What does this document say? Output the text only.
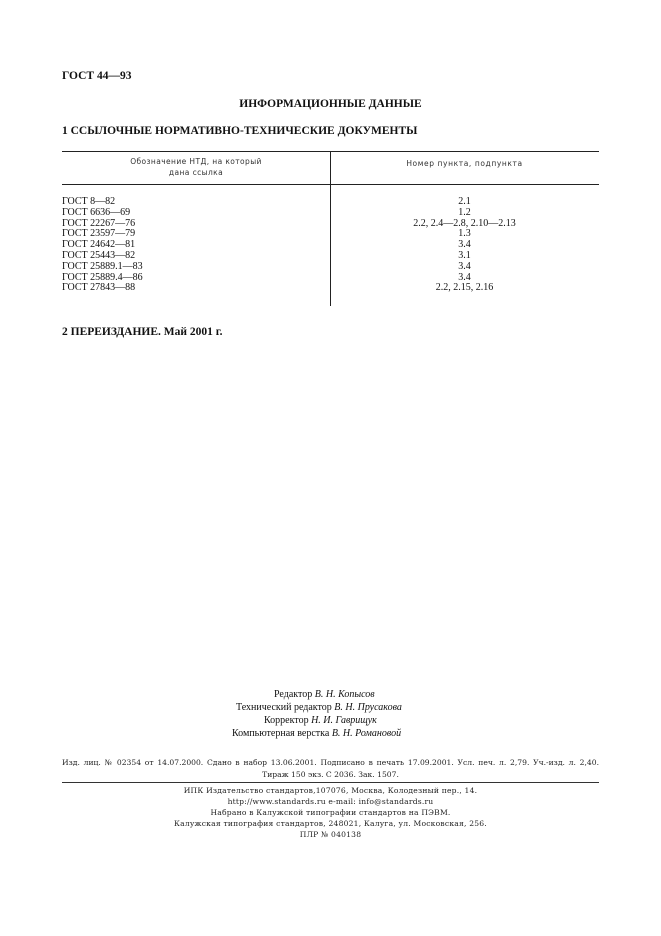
ГОСТ 44—93
ИНФОРМАЦИОННЫЕ ДАННЫЕ
1 ССЫЛОЧНЫЕ НОРМАТИВНО-ТЕХНИЧЕСКИЕ ДОКУМЕНТЫ
Обозначение НТД, на который
дана ссылка
Номер пункта, подпункта
ГОСТ 8—82	2.1
ГОСТ 6636—69	1.2
ГОСТ 22267—76	2.2, 2.4—2.8, 2.10—2.13
ГОСТ 23597—79	1.3
ГОСТ 24642—81	3.4
ГОСТ 25443—82	3.1
ГОСТ 25889.1—83	3.4
ГОСТ 25889.4—86	3.4
ГОСТ 27843—88	2.2, 2.15, 2.16
2 ПЕРЕИЗДАНИЕ. Май 2001 г.
Редактор В. Н. Копысов
Технический редактор В. Н. Прусакова
Корректор Н. И. Гаврищук
Компьютерная верстка В. Н. Романовой
Изд. лиц. № 02354 от 14.07.2000. Сдано в набор 13.06.2001. Подписано в печать 17.09.2001. Усл. печ. л. 2,79. Уч.-изд. л. 2,40.
Тираж 150 экз. С 2036. Зак. 1507.
ИПК Издательство стандартов,107076, Москва, Колодезный пер., 14.
http://www.standards.ru e-mail: info@standards.ru
Набрано в Калужской типографии стандартов на ПЭВМ.
Калужская типография стандартов, 248021, Калуга, ул. Московская, 256.
ПЛР № 040138
